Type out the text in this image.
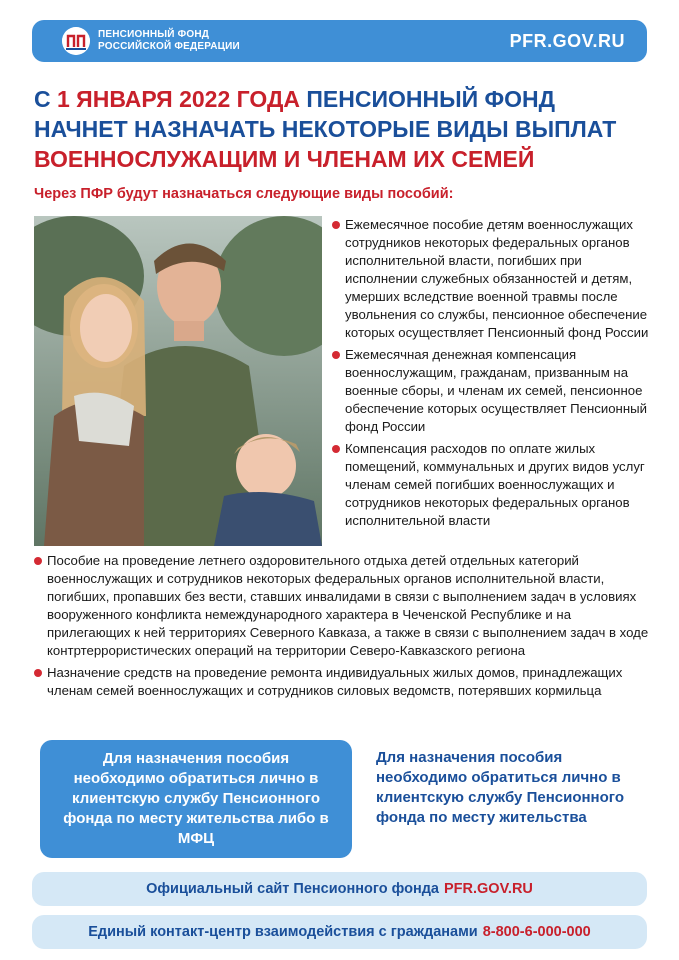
ПЕНСИОННЫЙ ФОНД
РОССИЙСКОЙ ФЕДЕРАЦИИ	PFR.GOV.RU
С 1 ЯНВАРЯ 2022 ГОДА ПЕНСИОННЫЙ ФОНД НАЧНЕТ НАЗНАЧАТЬ НЕКОТОРЫЕ ВИДЫ ВЫПЛАТ ВОЕННОСЛУЖАЩИМ И ЧЛЕНАМ ИХ СЕМЕЙ
Через ПФР будут назначаться следующие виды пособий:
Ежемесячное пособие детям военнослужащих сотрудников некоторых федеральных органов исполнительной власти, погибших при исполнении служебных обязанностей и детям, умерших вследствие военной травмы после увольнения со службы, пенсионное обеспечение которых осуществляет Пенсионный фонд России
Ежемесячная денежная компенсация военнослужащим, гражданам, призванным на военные сборы, и членам их семей, пенсионное обеспечение которых осуществляет Пенсионный фонд России
Компенсация расходов по оплате жилых помещений, коммунальных и других видов услуг членам семей погибших военнослужащих и сотрудников некоторых федеральных органов исполнительной власти
Пособие на проведение летнего оздоровительного отдыха детей отдельных категорий военнослужащих и сотрудников некоторых федеральных органов исполнительной власти, погибших, пропавших без вести, ставших инвалидами в связи с выполнением задач в условиях вооруженного конфликта немеждународного характера в Чеченской Республике и на прилегающих к ней территориях Северного Кавказа, а также в связи с выполнением задач в ходе контртеррористических операций на территории Северо-Кавказского региона
Назначение средств на проведение ремонта индивидуальных жилых домов, принадлежащих членам семей военнослужащих и сотрудников силовых ведомств, потерявших кормильца
Для назначения пособия необходимо обратиться лично в клиентскую службу Пенсионного фонда по месту жительства либо в МФЦ
Для назначения пособия необходимо обратиться лично в клиентскую службу Пенсионного фонда по месту жительства
Официальный сайт Пенсионного фонда PFR.GOV.RU
Единый контакт-центр взаимодействия с гражданами 8-800-6-000-000
